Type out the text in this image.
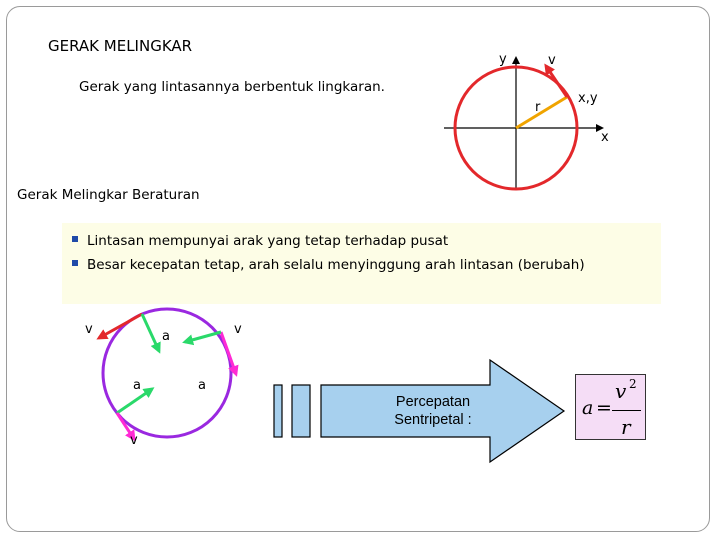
GERAK MELINGKAR
Gerak yang lintasannya berbentuk lingkaran.
y	v
x,y
r
x
Gerak Melingkar Beraturan
Lintasan mempunyai arak yang tetap terhadap pusat
Besar kecepatan tetap, arah selalu menyinggung arah lintasan (berubah)
v	a	v
a	a
v
Percepatan
Sentripetal :
a =
v 2
r
